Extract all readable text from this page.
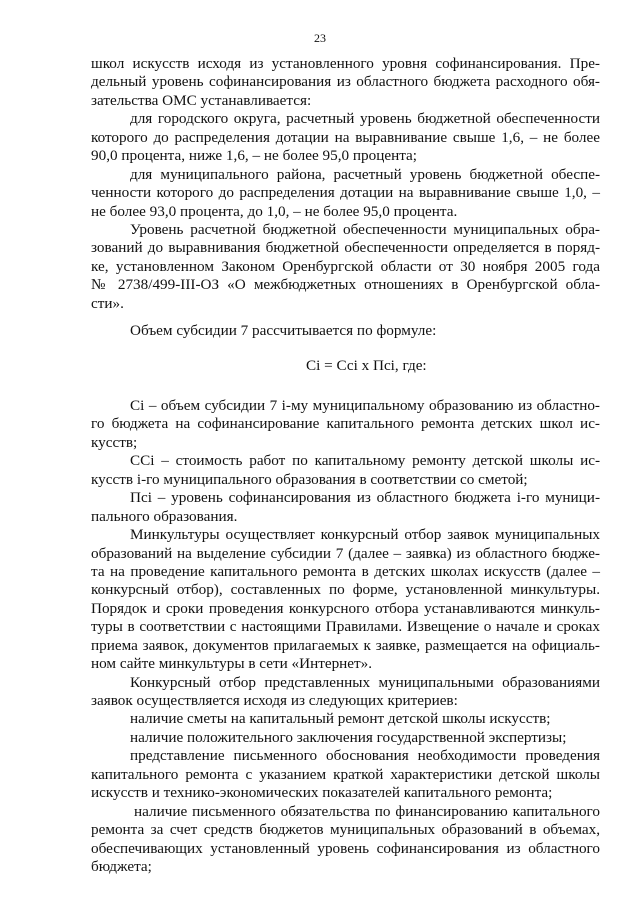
23
школ искусств исходя из установленного уровня софинансирования. Пре-
дельный уровень софинансирования из областного бюджета расходного обя-
зательства ОМС устанавливается:
для городского округа, расчетный уровень бюджетной обеспеченности
которого до распределения дотации на выравнивание свыше 1,6, – не более
90,0 процента, ниже 1,6, – не более 95,0 процента;
для муниципального района, расчетный уровень бюджетной обеспе-
ченности которого до распределения дотации на выравнивание свыше 1,0, –
не более 93,0 процента, до 1,0, – не более 95,0 процента.
Уровень расчетной бюджетной обеспеченности муниципальных обра-
зований до выравнивания бюджетной обеспеченности определяется в поряд-
ке, установленном Законом Оренбургской области от 30 ноября 2005 года
№ 2738/499-III-ОЗ «О межбюджетных отношениях в Оренбургской обла-
сти».
Объем субсидии 7 рассчитывается по формуле:
Сi = Ссi х Псi, где:
Сi – объем субсидии 7 i-му муниципальному образованию из областно-
го бюджета на софинансирование капитального ремонта детских школ ис-
кусств;
ССi – стоимость работ по капитальному ремонту детской школы ис-
кусств i-го муниципального образования в соответствии со сметой;
Псi – уровень софинансирования из областного бюджета i-го муници-
пального образования.
Минкультуры осуществляет конкурсный отбор заявок муниципальных
образований на выделение субсидии 7 (далее – заявка) из областного бюдже-
та на проведение капитального ремонта в детских школах искусств (далее –
конкурсный отбор), составленных по форме, установленной минкультуры.
Порядок и сроки проведения конкурсного отбора устанавливаются минкуль-
туры в соответствии с настоящими Правилами. Извещение о начале и сроках
приема заявок, документов прилагаемых к заявке, размещается на официаль-
ном сайте минкультуры в сети «Интернет».
Конкурсный отбор представленных муниципальными образованиями
заявок осуществляется исходя из следующих критериев:
наличие сметы на капитальный ремонт детской школы искусств;
наличие положительного заключения государственной экспертизы;
представление письменного обоснования необходимости проведения
капитального ремонта с указанием краткой характеристики детской школы
искусств и технико-экономических показателей капитального ремонта;
наличие письменного обязательства по финансированию капитального
ремонта за счет средств бюджетов муниципальных образований в объемах,
обеспечивающих установленный уровень софинансирования из областного
бюджета;
